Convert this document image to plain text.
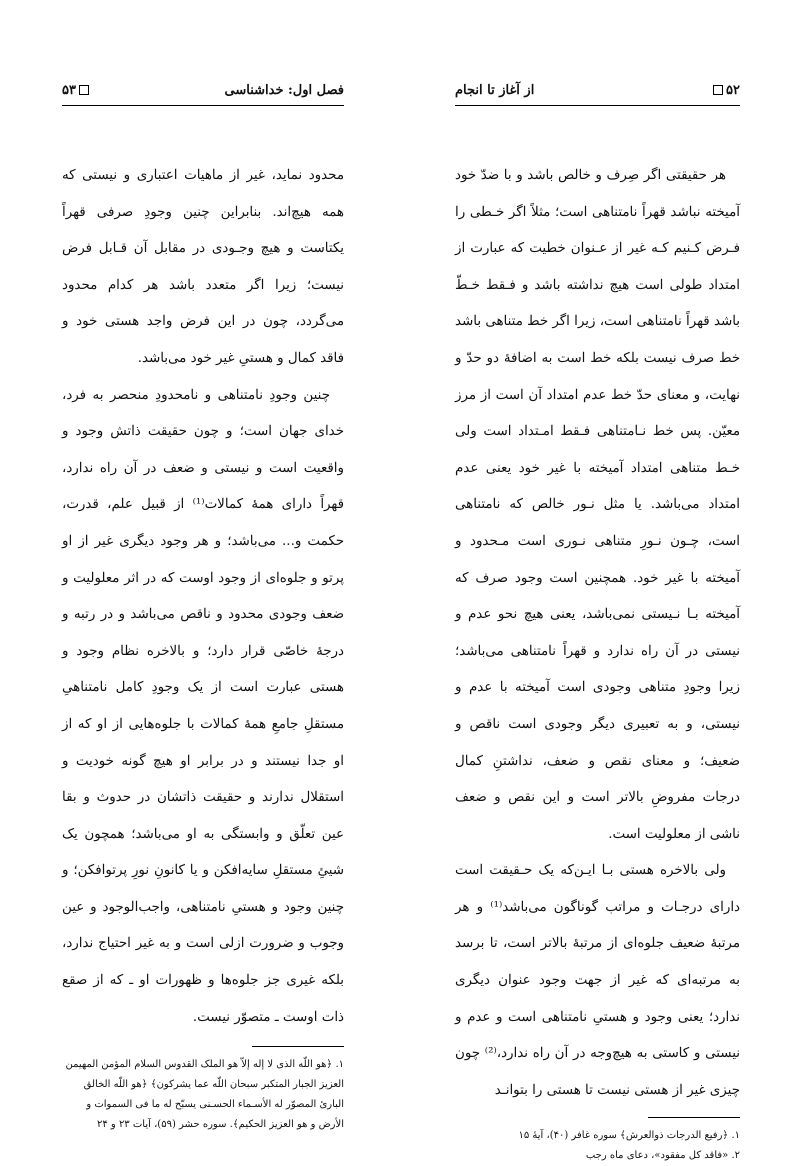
فصل اول: خداشناسی
۵۳

محدود نماید، غیر از ماهیات اعتباری و نیستی که همه هیچ‌اند. بنابراین چنین وجودِ صرفی قهراً یکتاست و هیچ وجـودی در مقابل آن قـابل فرض نیست؛ زیرا اگر متعدد باشد هر کدام محدود می‌گردد، چون در این فرض واجد هستی خود و فاقد کمال و هستیِ غیر خود می‌باشد.

چنین وجودِ نامتناهی و نامحدودِ منحصر به فرد، خدای جهان است؛ و چون حقیقت ذاتش وجود و واقعیت است و نیستی و ضعف در آن راه ندارد، قهراً دارای همهٔ کمالات⁽¹⁾ از قبیل علم، قدرت، حکمت و... می‌باشد؛ و هر وجود دیگری غیر از او پرتو و جلوه‌ای از وجود اوست که در اثر معلولیت و ضعف وجودی محدود و ناقص می‌باشد و در رتبه و درجهٔ خاصّی قرار دارد؛ و بالاخره نظام وجود و هستی عبارت است از یک وجودِ کامل نامتناهیِ مستقلِ جامعِ همهٔ کمالات با جلوه‌هایی از او که از او جدا نیستند و در برابر او هیچ گونه خودیت و استقلال ندارند و حقیقت ذاتشان در حدوث و بقا عین تعلّق و وابستگی به او می‌باشد؛ همچون یک شیئِ مستقلِ سایه‌افکن و یا کانونِ نورِ پرتوافکن؛ و چنین وجود و هستیِ نامتناهی، واجب‌الوجود و عین وجوب و ضرورت ازلی است و به غیر احتیاج ندارد، بلکه غیری جز جلوه‌ها و ظهورات او ـ که از صقع ذات اوست ـ متصوّر نیست.

۱. ﴿هو اللّه الذی لا إله إلاّ هو الملک القدوس السلام المؤمن المهیمن العزیز الجبار المتکبر سبحان اللّه عما یشرکون﴾ ﴿هو اللّه الخالق البارئ المصوّر له الأسـماء الحسـنی یسبّح له ما فی السموات و الأرض و هو العزیز الحکیم﴾. سوره حشر (۵۹)، آیات ۲۳ و ۲۴

۵۲
از آغاز تا انجام

هر حقیقتی اگر صِرف و خالص باشد و با ضدّ خود آمیخته نباشد قهراً نامتناهی است؛ مثلاً اگر خـطی را فـرض کـنیم کـه غیر از عـنوان خطیت که عبارت از امتداد طولی است هیچ نداشته باشد و فـقط خـطّ باشد قهراً نامتناهی است، زیرا اگر خط متناهی باشد خط صرف نیست بلکه خط است به اضافهٔ دو حدّ و نهایت، و معنای حدّ خط عدم امتداد آن است از مرز معیّن. پس خط نـامتناهی فـقط امـتداد است ولی خـط متناهی امتداد آمیخته با غیر خود یعنی عدم امتداد می‌باشد. یا مثل نـور خالص که نامتناهی است، چـون نـورِ متناهی نـوری است مـحدود و آمیخته با غیر خود. همچنین است وجود صرف که آمیخته بـا نـیستی نمی‌باشد، یعنی هیچ نحو عدم و نیستی در آن راه ندارد و قهراً نامتناهی می‌باشد؛ زیرا وجودِ متناهی وجودی است آمیخته با عدم و نیستی، و به تعبیری دیگر وجودی است ناقص و ضعیف؛ و معنای نقص و ضعف، نداشتنِ کمال درجات مفروضِ بالاتر است و این نقص و ضعف ناشی از معلولیت است.

ولی بالاخره هستی بـا ایـن‌که یک حـقیقت است دارای درجـات و مراتب گوناگون می‌باشد⁽¹⁾ و هر مرتبهٔ ضعیف جلوه‌ای از مرتبهٔ بالاتر است، تا برسد به مرتبه‌ای که غیر از جهت وجود عنوان دیگری ندارد؛ یعنی وجود و هستیِ نامتناهی است و عدم و نیستی و کاستی به هیچ‌وجه در آن راه ندارد،⁽²⁾ چون چیزی غیر از هستی نیست تا هستی را بتوانـد

۱. ﴿رفیع الدرجات ذوالعرش﴾ سوره غافر (۴۰)، آیهٔ ۱۵

۲. «فاقد کل مفقود»، دعای ماه رجب
